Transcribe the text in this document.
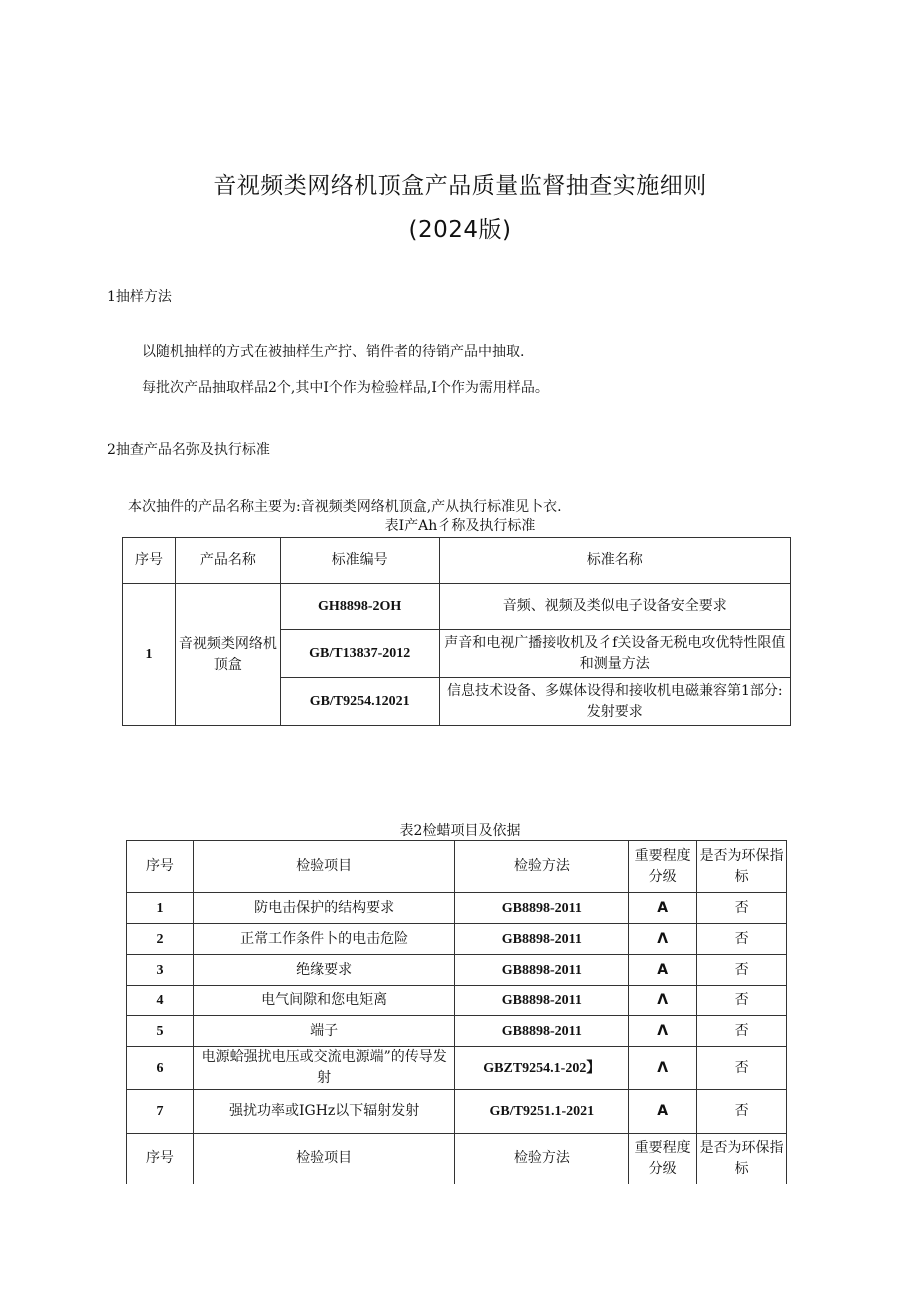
音视频类网络机顶盒产品质量监督抽查实施细则
(2024版)
1抽样方法
以随机抽样的方式在被抽样生产拧、销件者的待销产品中抽取.
每批次产品抽取样品2个,其中I个作为检验样品,I个作为需用样品。
2抽查产品名弥及执行标准
本次抽件的产品名称主要为:音视频类网络机顶盒,产从执行标准见卜衣.
表I产Ah彳称及执行标准
序号	产品名称	标准编号	标准名称
1	音视频类网络机顶盒	GH8898-2OH	音频、视频及类似电子设备安全要求
		GB/T13837-2012	声音和电视广播接收机及彳f关设备无税电攻优特性限值和测量方法
		GB/T9254.12021	信息技术设备、多媒体设得和接收机电磁兼容第1部分:发射要求
表2检蜡项目及依据
序号	检验项目	检验方法	重要程度分级	是否为环保指标
1	防电击保护的结构要求	GB8898-2011	A	否
2	正常工作条件卜的电击危险	GB8898-2011	Λ	否
3	绝缘要求	GB8898-2011	A	否
4	电气间隙和您电矩离	GB8898-2011	Λ	否
5	端子	GB8898-2011	Λ	否
6	电源蛤强扰电压或交流电源端”的传导发射	GBZT9254.1-202】	Λ	否
7	强扰功率或IGHz以下辐射发射	GB/T9251.1-2021	A	否
序号	检验项目	检验方法	重要程度分级	是否为环保指标
